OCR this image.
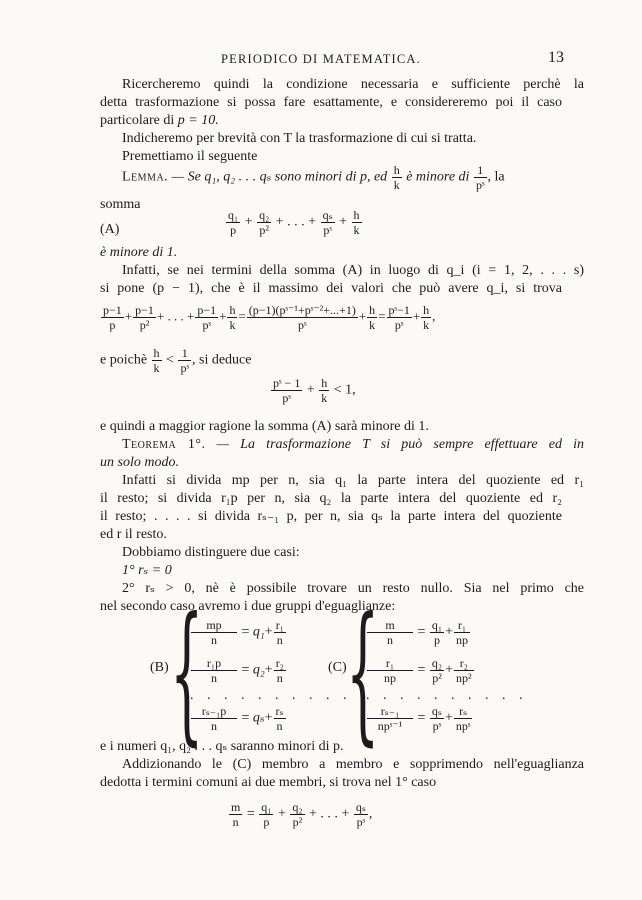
PERIODICO DI MATEMATICA.	13
Ricercheremo quindi la condizione necessaria e sufficiente perchè la
detta trasformazione si possa fare esattamente, e considereremo poi il caso
particolare di p = 10.
Indicheremo per brevità con T la trasformazione di cui si tratta.
Premettiamo il seguente
Lemma. — Se q₁, q₂ . . . qₛ sono minori di p, ed $\frac{h}{k}$ è minore di $\frac{1}{\text{pˢ}}$ , la
somma
(A)	$\frac{\text{q₁}}{p} + \frac{\text{q₂}}{\text{p²}}$ + . . . + $\frac{\text{qₛ}}{\text{pˢ}} + \frac{h}{k}$
è minore di 1.
Infatti, se nei termini della somma (A) in luogo di q_i (i = 1, 2, . . . s)
si pone (p − 1), che è il massimo dei valori che può avere q_i, si trova
$\frac{p-1}{p} + \frac{p-1}{\text{p²}}$ + . . . + $\frac{p-1}{\text{pˢ}} + \frac{h}{k} = \frac{\text{(p−1)(pˢ⁻¹+pˢ⁻²+...+1)}}{\text{pˢ}} + \frac{h}{k} = \frac{\text{pˢ−1}}{\text{pˢ}} + \frac{h}{k}$ ,
e poichè $\frac{h}{k} < \frac{1}{\text{pˢ}}$ , si deduce
$\frac{\text{pˢ − 1}}{\text{pˢ}} + \frac{h}{k} < 1$,
e quindi a maggior ragione la somma (A) sarà minore di 1.
Teorema 1°. — La trasformazione T si può sempre effettuare ed in
un solo modo.
Infatti si divida mp per n, sia q₁ la parte intera del quoziente ed r₁
il resto; si divida r₁p per n, sia q₂ la parte intera del quoziente ed r₂
il resto; . . . . si divida rₛ₋₁ p, per n, sia qₛ la parte intera del quoziente
ed r il resto.
Dobbiamo distinguere due casi:
1° rₛ = 0
2° rₛ > 0, nè è possibile trovare un resto nullo. Sia nel primo che
nel secondo caso avremo i due gruppi d'eguaglianze:
(B) {
$\frac{mp}{n} = q_1+ \frac{\text{r₁}}{n}$
$\frac{\text{r₁p}}{n} = q_2+ \frac{\text{r₂}}{n}$
. . . . . . . . . .
$\frac{\text{rₛ₋₁p}}{n} = q_s+ \frac{\text{rₛ}}{n}$
(C) {
$\frac{m}{n} = \frac{\text{q₁}}{p} + \frac{\text{r₁}}{np}$
$\frac{\text{r₁}}{np} = \frac{\text{q₂}}{\text{p²}} + \frac{\text{r₂}}{\text{np²}}$
. . . . . . . . . .
$\frac{\text{rₛ₋₁}}{\text{npˢ⁻¹}} = \frac{\text{qₛ}}{\text{pˢ}} + \frac{\text{rₛ}}{\text{npˢ}}$
e i numeri q₁, q₂ . . . qₛ saranno minori di p.
Addizionando le (C) membro a membro e sopprimendo nell'eguaglianza
dedotta i termini comuni ai due membri, si trova nel 1° caso
$\frac{m}{n} = \frac{\text{q₁}}{p} + \frac{\text{q₂}}{\text{p²}}$ + . . . + $\frac{\text{qₛ}}{\text{pˢ}}$ ,
